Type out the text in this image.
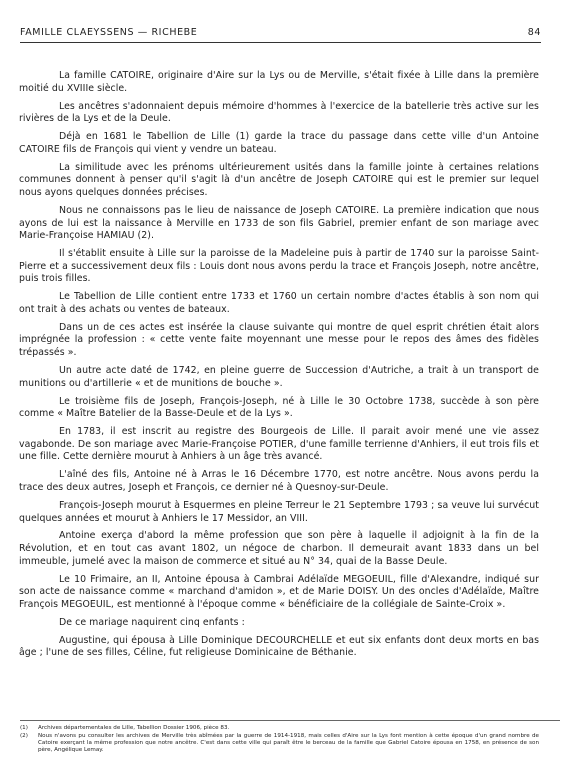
FAMILLE CLAEYSSENS — RICHEBE	84

La famille CATOIRE, originaire d'Aire sur la Lys ou de Merville, s'était fixée à Lille dans la première moitié du XVIIIe siècle.

Les ancêtres s'adonnaient depuis mémoire d'hommes à l'exercice de la batellerie très active sur les rivières de la Lys et de la Deule.

Déjà en 1681 le Tabellion de Lille (1) garde la trace du passage dans cette ville d'un Antoine CATOIRE fils de François qui vient y vendre un bateau.

La similitude avec les prénoms ultérieurement usités dans la famille jointe à certaines relations communes donnent à penser qu'il s'agit là d'un ancêtre de Joseph CATOIRE qui est le premier sur lequel nous ayons quelques données précises.

Nous ne connaissons pas le lieu de naissance de Joseph CATOIRE. La première indication que nous ayons de lui est la naissance à Merville en 1733 de son fils Gabriel, premier enfant de son mariage avec Marie-Françoise HAMIAU (2).

Il s'établit ensuite à Lille sur la paroisse de la Madeleine puis à partir de 1740 sur la paroisse Saint-Pierre et a successivement deux fils : Louis dont nous avons perdu la trace et François Joseph, notre ancêtre, puis trois filles.

Le Tabellion de Lille contient entre 1733 et 1760 un certain nombre d'actes établis à son nom qui ont trait à des achats ou ventes de bateaux.

Dans un de ces actes est insérée la clause suivante qui montre de quel esprit chrétien était alors imprégnée la profession : « cette vente faite moyennant une messe pour le repos des âmes des fidèles trépassés ».

Un autre acte daté de 1742, en pleine guerre de Succession d'Autriche, a trait à un transport de munitions ou d'artillerie « et de munitions de bouche ».

Le troisième fils de Joseph, François-Joseph, né à Lille le 30 Octobre 1738, succède à son père comme « Maître Batelier de la Basse-Deule et de la Lys ».

En 1783, il est inscrit au registre des Bourgeois de Lille. Il parait avoir mené une vie assez vagabonde. De son mariage avec Marie-Françoise POTIER, d'une famille terrienne d'Anhiers, il eut trois fils et une fille. Cette dernière mourut à Anhiers à un âge très avancé.

L'aîné des fils, Antoine né à Arras le 16 Décembre 1770, est notre ancêtre. Nous avons perdu la trace des deux autres, Joseph et François, ce dernier né à Quesnoy-sur-Deule.

François-Joseph mourut à Esquermes en pleine Terreur le 21 Septembre 1793 ; sa veuve lui survécut quelques années et mourut à Anhiers le 17 Messidor, an VIII.

Antoine exerça d'abord la même profession que son père à laquelle il adjoignit à la fin de la Révolution, et en tout cas avant 1802, un négoce de charbon. Il demeurait avant 1833 dans un bel immeuble, jumelé avec la maison de commerce et situé au N° 34, quai de la Basse Deule.

Le 10 Frimaire, an II, Antoine épousa à Cambrai Adélaïde MEGOEUIL, fille d'Alexandre, indiqué sur son acte de naissance comme « marchand d'amidon », et de Marie DOISY. Un des oncles d'Adélaïde, Maître François MEGOEUIL, est mentionné à l'époque comme « bénéficiaire de la collégiale de Sainte-Croix ».

De ce mariage naquirent cinq enfants :

Augustine, qui épousa à Lille Dominique DECOURCHELLE et eut six enfants dont deux morts en bas âge ; l'une de ses filles, Céline, fut religieuse Dominicaine de Béthanie.

(1)	Archives départementales de Lille, Tabellion Dossier 1906, pièce 83.
(2)	Nous n'avons pu consulter les archives de Merville très abîmées par la guerre de 1914-1918, mais celles d'Aire sur la Lys font mention à cette époque d'un grand nombre de Catoire exerçant la même profession que notre ancêtre. C'est dans cette ville qui paraît être le berceau de la famille que Gabriel Catoire épousa en 1758, en présence de son père, Angélique Lemay.
